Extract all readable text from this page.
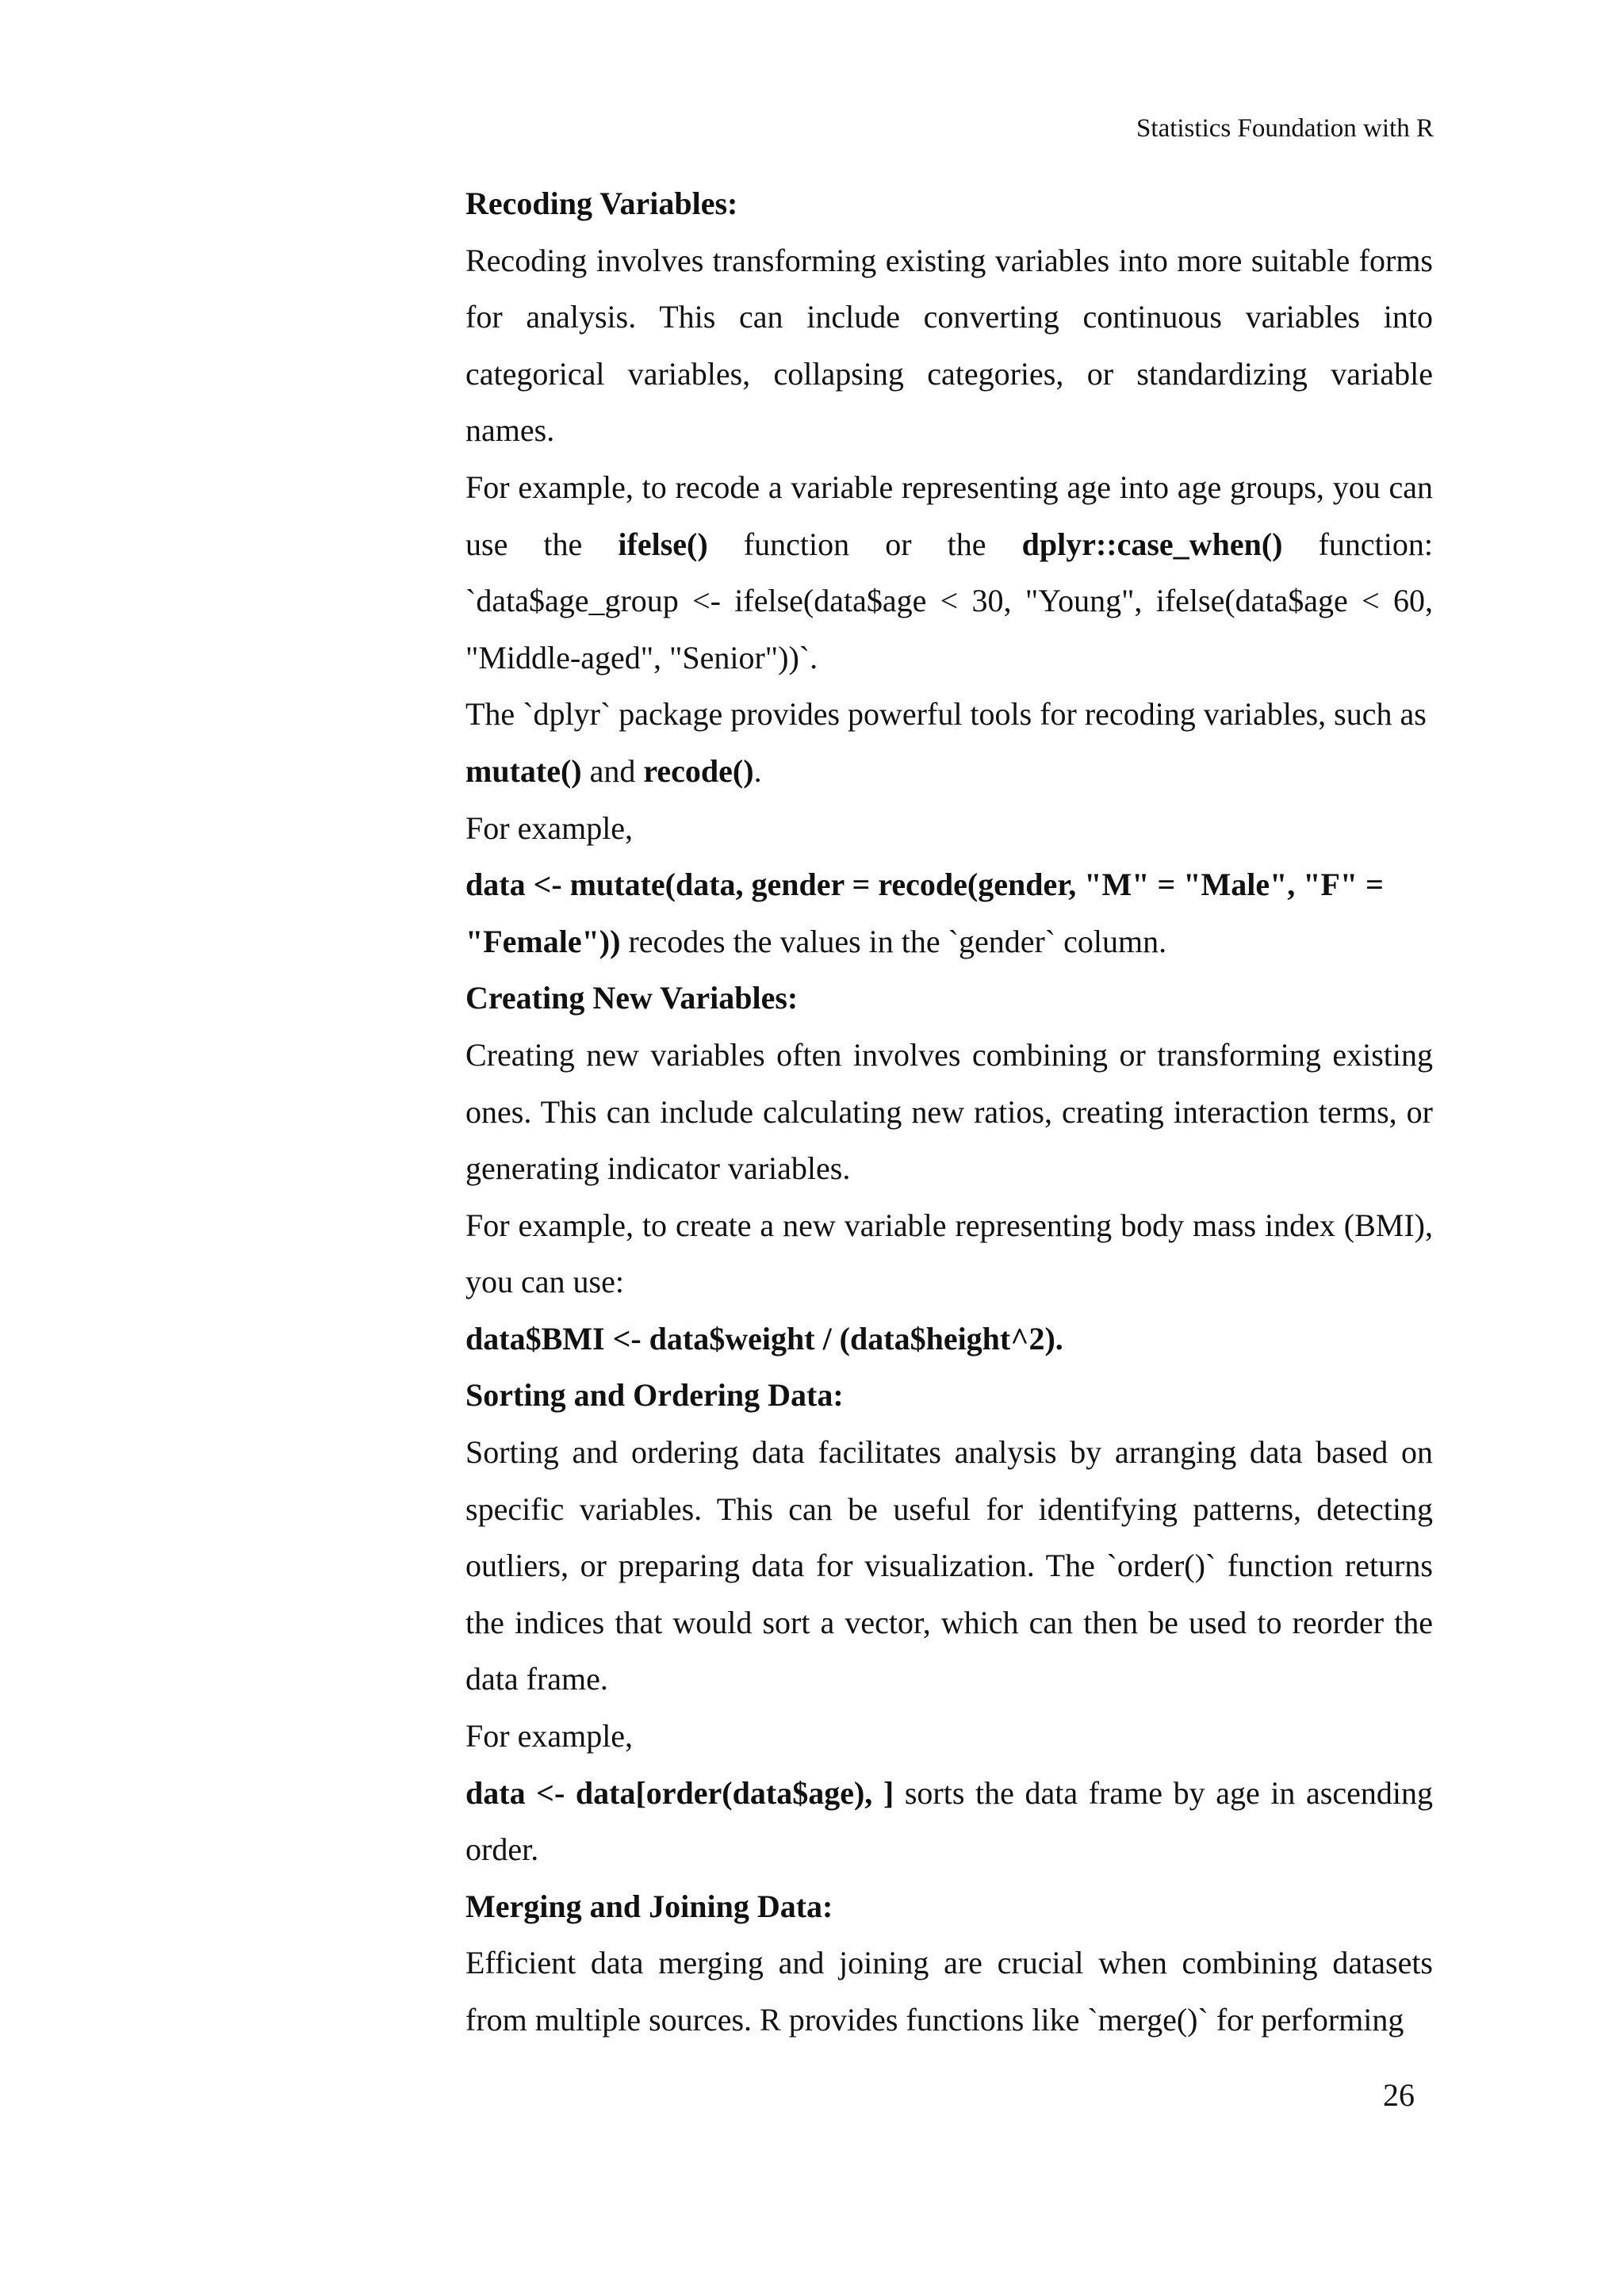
Statistics Foundation with R

Recoding Variables:

Recoding involves transforming existing variables into more suitable forms for analysis. This can include converting continuous variables into categorical variables, collapsing categories, or standardizing variable names.

For example, to recode a variable representing age into age groups, you can use the ifelse() function or the dplyr::case_when() function: `data$age_group <- ifelse(data$age < 30, "Young", ifelse(data$age < 60, "Middle-aged", "Senior"))`.

The `dplyr` package provides powerful tools for recoding variables, such as mutate() and recode().

For example,

data <- mutate(data, gender = recode(gender, "M" = "Male", "F" = "Female")) recodes the values in the `gender` column.

Creating New Variables:

Creating new variables often involves combining or transforming existing ones. This can include calculating new ratios, creating interaction terms, or generating indicator variables.

For example, to create a new variable representing body mass index (BMI), you can use:

data$BMI <- data$weight / (data$height^2).

Sorting and Ordering Data:

Sorting and ordering data facilitates analysis by arranging data based on specific variables. This can be useful for identifying patterns, detecting outliers, or preparing data for visualization. The `order()` function returns the indices that would sort a vector, which can then be used to reorder the data frame.

For example,

data <- data[order(data$age), ] sorts the data frame by age in ascending order.

Merging and Joining Data:

Efficient data merging and joining are crucial when combining datasets from multiple sources. R provides functions like `merge()` for performing

26
